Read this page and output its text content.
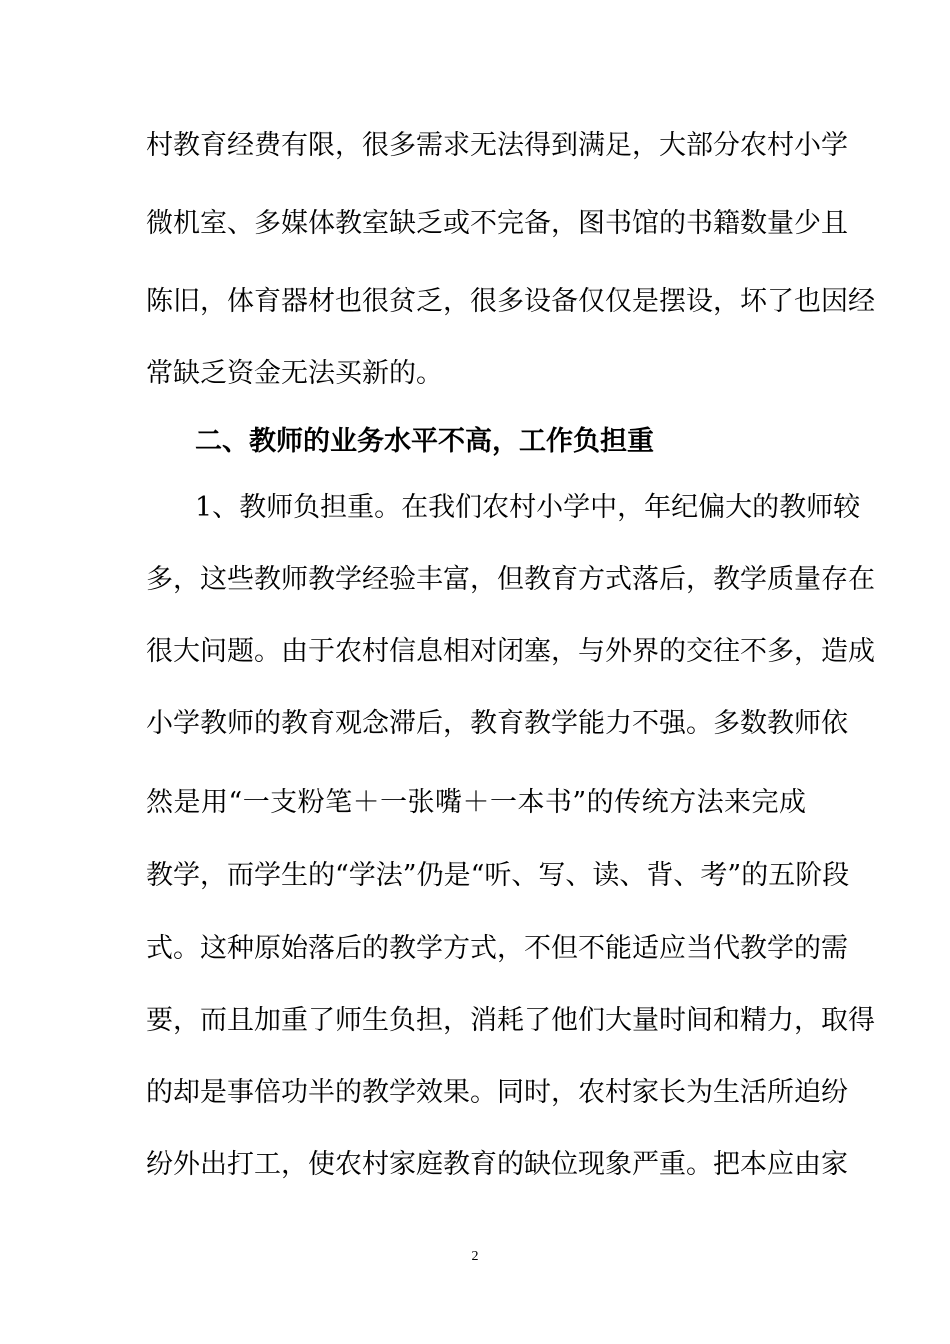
村教育经费有限，很多需求无法得到满足，大部分农村小学
微机室、多媒体教室缺乏或不完备，图书馆的书籍数量少且
陈旧，体育器材也很贫乏，很多设备仅仅是摆设，坏了也因经
常缺乏资金无法买新的。
二、教师的业务水平不高，工作负担重
1、教师负担重。在我们农村小学中，年纪偏大的教师较
多，这些教师教学经验丰富，但教育方式落后，教学质量存在
很大问题。由于农村信息相对闭塞，与外界的交往不多，造成
小学教师的教育观念滞后，教育教学能力不强。多数教师依
然是用“一支粉笔＋一张嘴＋一本书”的传统方法来完成
教学，而学生的“学法”仍是“听、写、读、背、考”的五阶段
式。这种原始落后的教学方式，不但不能适应当代教学的需
要，而且加重了师生负担，消耗了他们大量时间和精力，取得
的却是事倍功半的教学效果。同时，农村家长为生活所迫纷
纷外出打工，使农村家庭教育的缺位现象严重。把本应由家
2
